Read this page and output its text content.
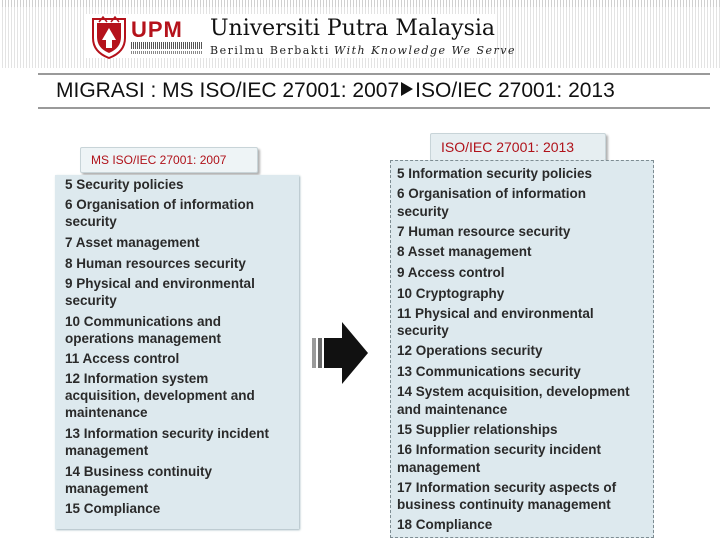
UPM Universiti Putra Malaysia
Berilmu Berbakti With Knowledge We Serve
MIGRASI : MS ISO/IEC 27001: 2007 ISO/IEC 27001: 2013
MS ISO/IEC 27001: 2007
5 Security policies
6 Organisation of information
security
7 Asset management
8 Human resources security
9 Physical and environmental
security
10 Communications and
operations management
11 Access control
12 Information system
acquisition, development and
maintenance
13 Information security incident
management
14 Business continuity
management
15 Compliance
ISO/IEC 27001: 2013
5 Information security policies
6 Organisation of information
security
7 Human resource security
8 Asset management
9 Access control
10 Cryptography
11 Physical and environmental
security
12 Operations security
13 Communications security
14 System acquisition, development
and maintenance
15 Supplier relationships
16 Information security incident
management
17 Information security aspects of
business continuity management
18 Compliance
